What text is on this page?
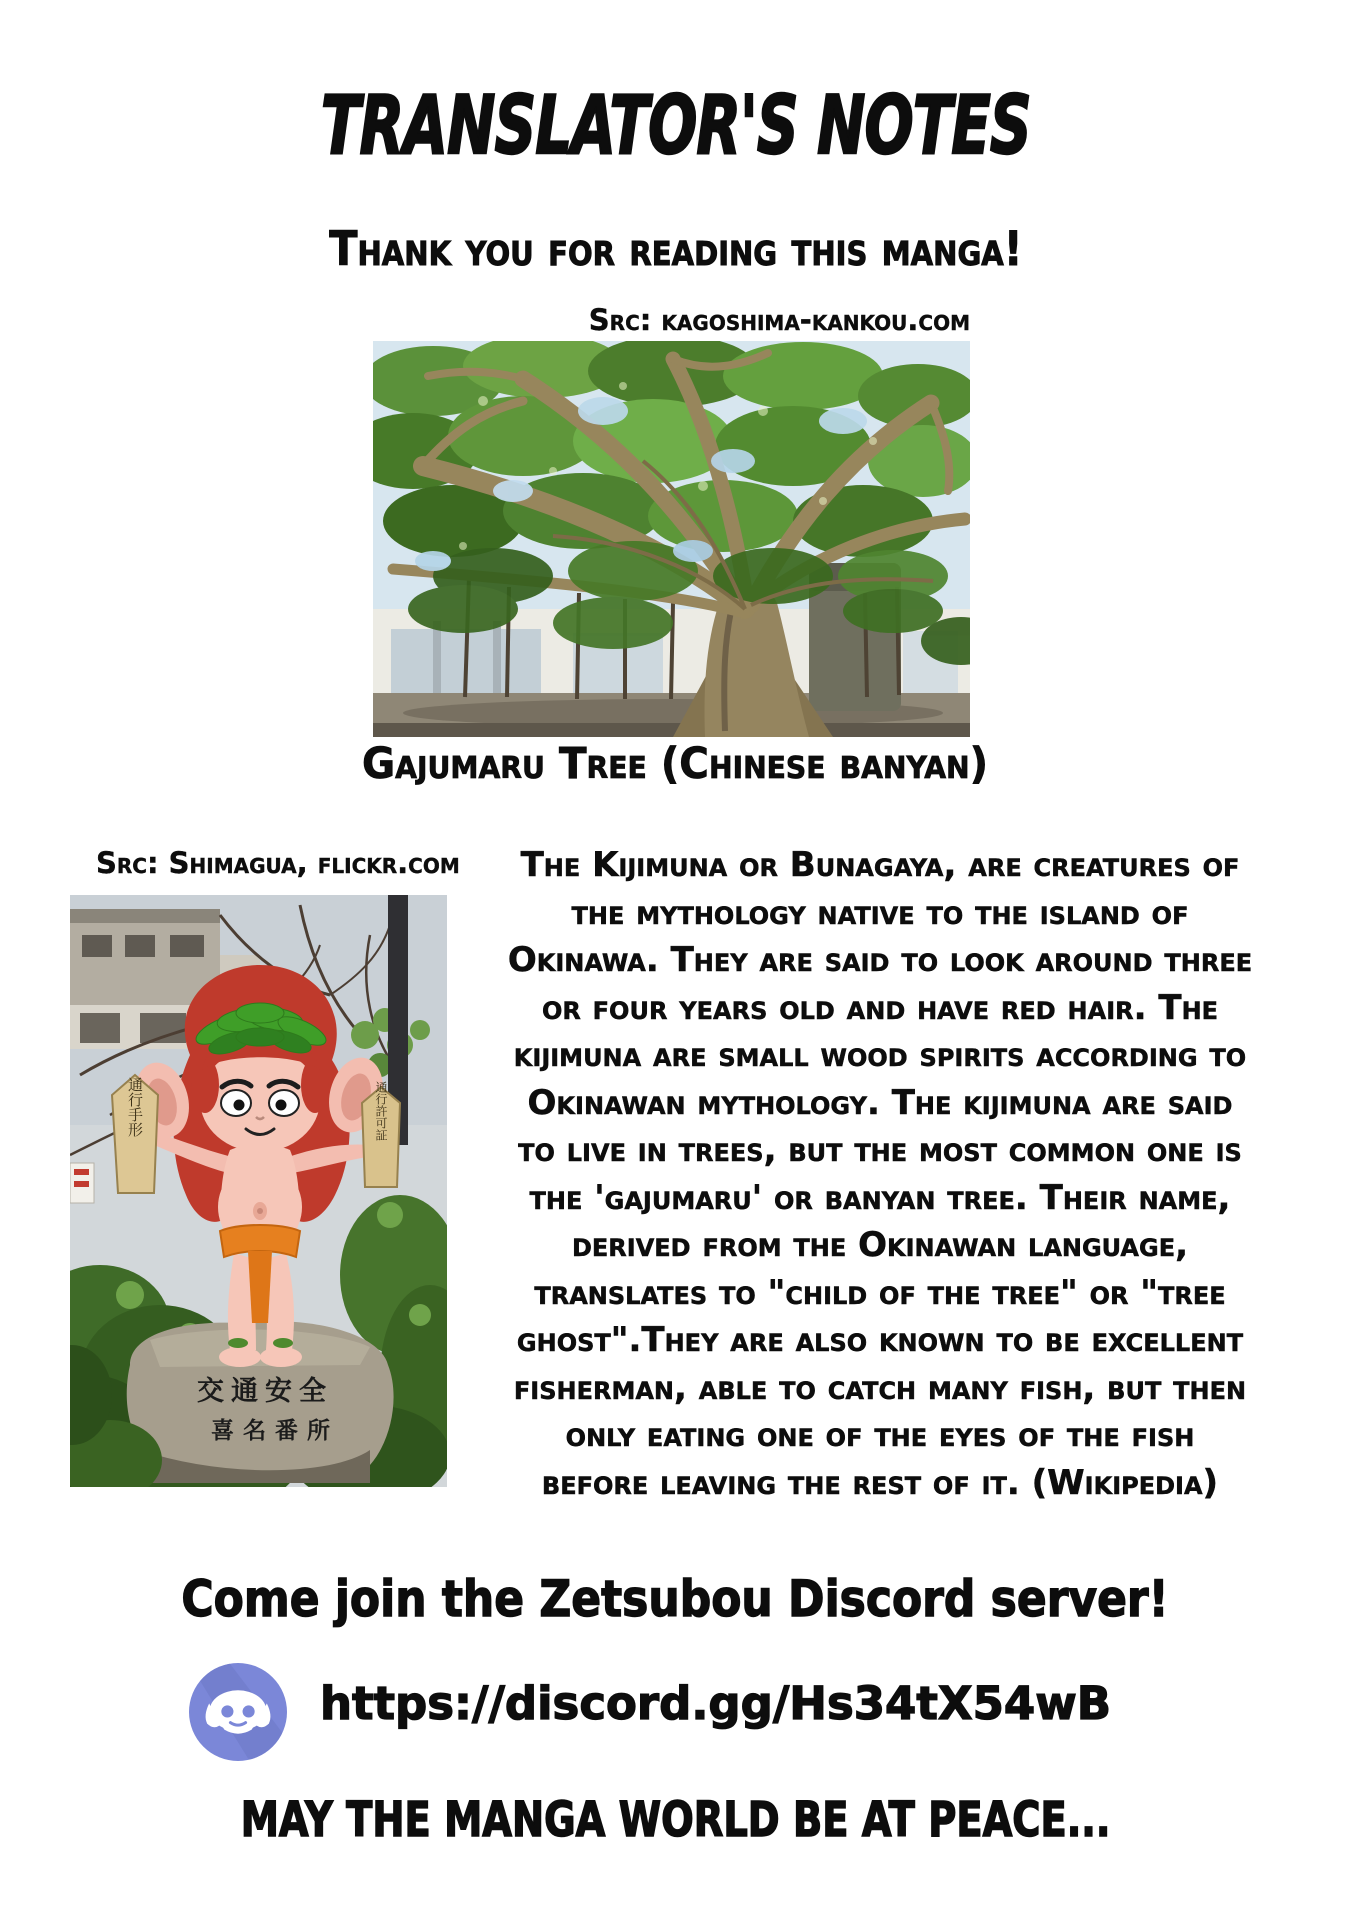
TRANSLATOR'S NOTES
Thank you for reading this manga!
Src: kagoshima-kankou.com
Gajumaru Tree (Chinese banyan)
Src: Shimagua, flickr.com
通行手形	通行許可証
交通安全
喜名番所
The Kijimuna or Bunagaya, are creatures of
the mythology native to the island of
Okinawa. They are said to look around three
or four years old and have red hair. The
kijimuna are small wood spirits according to
Okinawan mythology. The kijimuna are said
to live in trees, but the most common one is
the 'gajumaru' or banyan tree. Their name,
derived from the Okinawan language,
translates to "child of the tree" or "tree
ghost".They are also known to be excellent
fisherman, able to catch many fish, but then
only eating one of the eyes of the fish
before leaving the rest of it. (Wikipedia)
Come join the Zetsubou Discord server!
https://discord.gg/Hs34tX54wB
MAY THE MANGA WORLD BE AT PEACE...
